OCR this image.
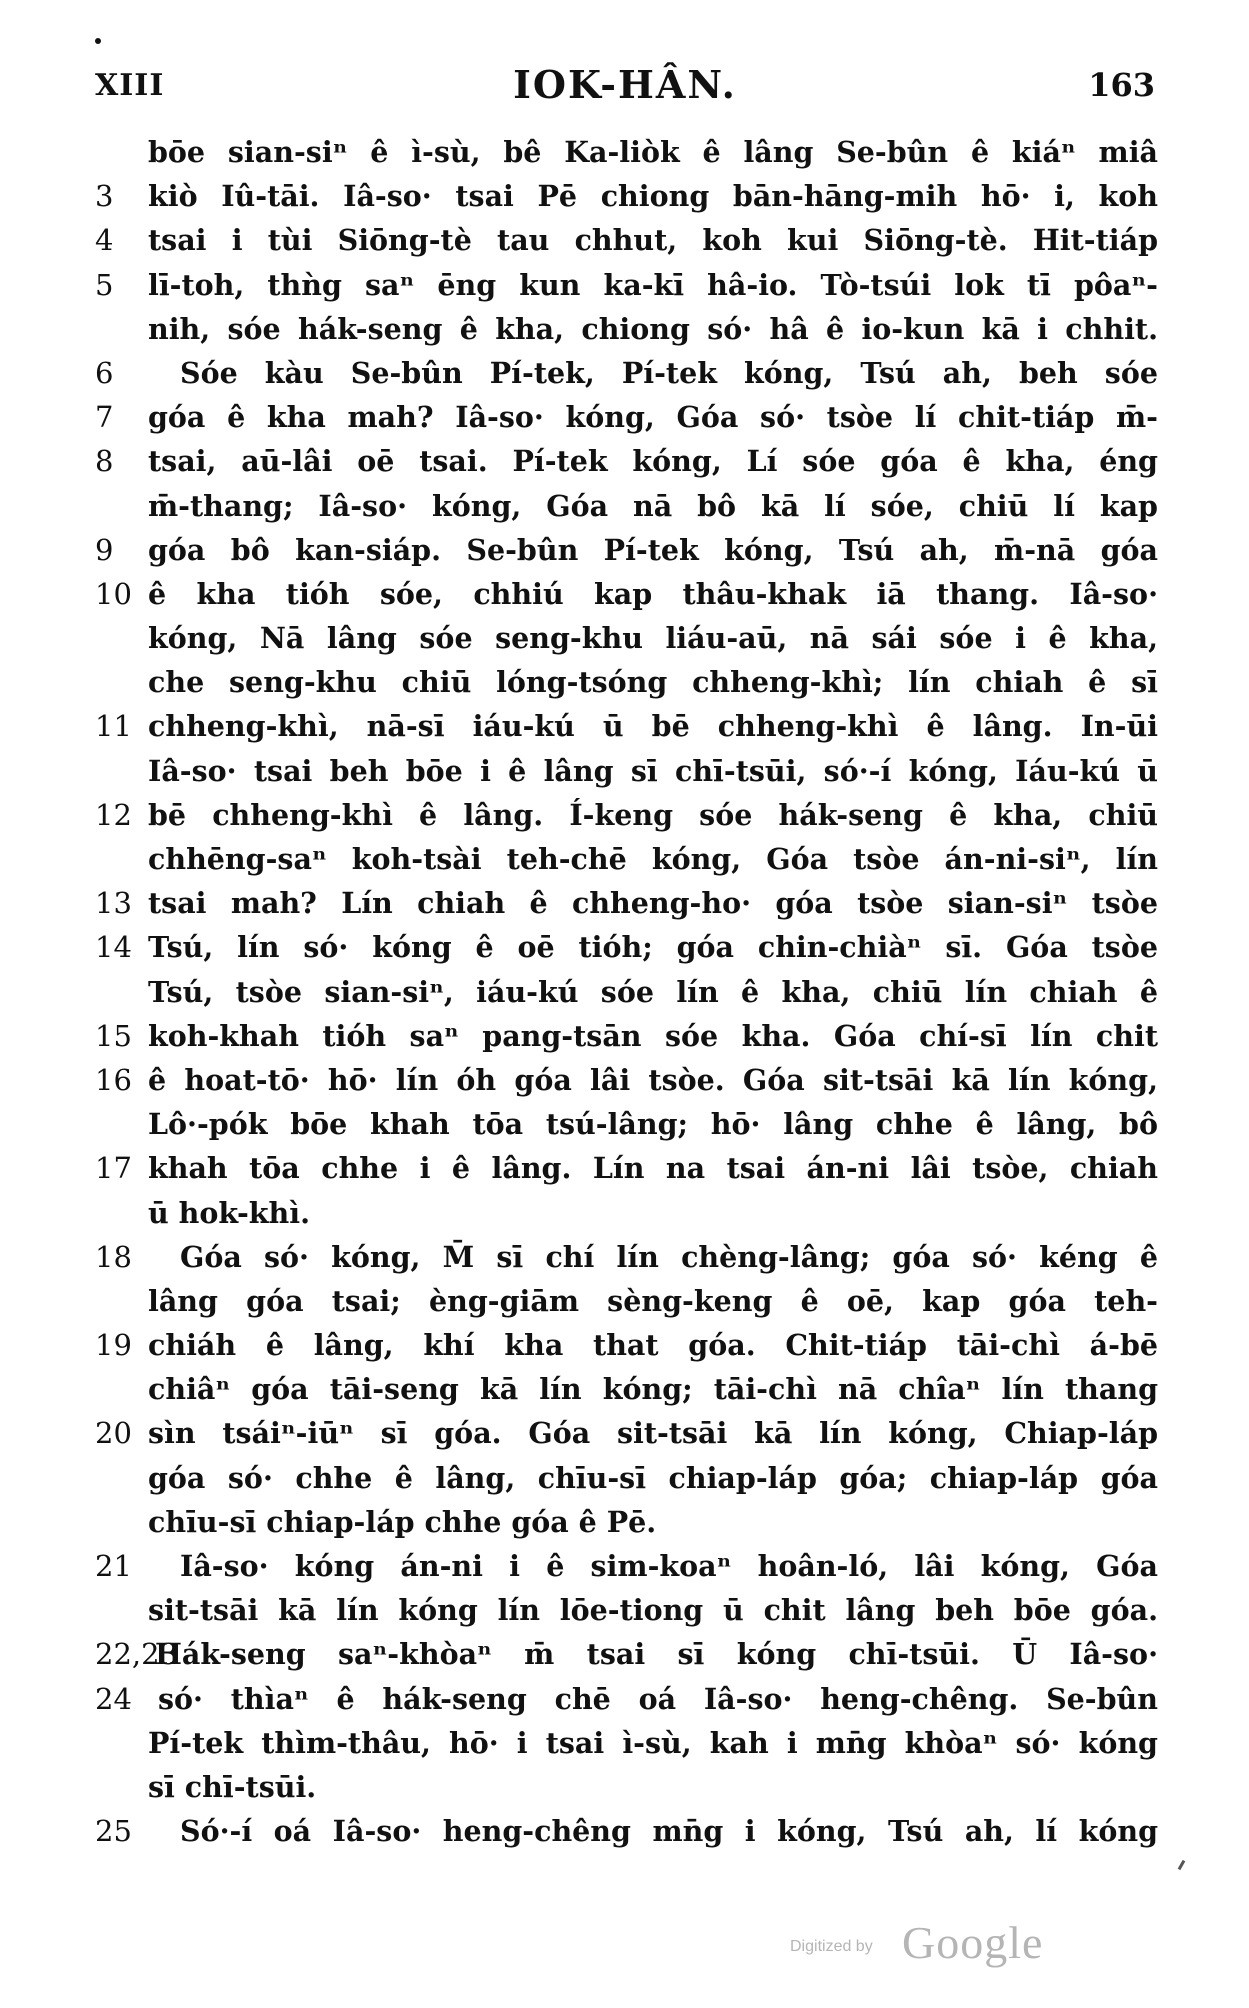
XIII	IOK-HÂN.	163
bōe sian-siⁿ ê ì-sù, bê Ka-liòk ê lâng Se-bûn ê kiáⁿ miâ
3	kiò Iû-tāi. Iâ-so· tsai Pē chiong bān-hāng-mih hō· i, koh
4	tsai i tùi Siōng-tè tau chhut, koh kui Siōng-tè. Hit-tiáp
5	lī-toh, thǹg saⁿ ēng kun ka-kī hâ-io. Tò-tsúi lok tī pôaⁿ-
nih, sóe hák-seng ê kha, chiong só· hâ ê io-kun kā i chhit.
6	Sóe kàu Se-bûn Pí-tek, Pí-tek kóng, Tsú ah, beh sóe
7	góa ê kha mah? Iâ-so· kóng, Góa só· tsòe lí chit-tiáp m̄-
8	tsai, aū-lâi oē tsai. Pí-tek kóng, Lí sóe góa ê kha, éng
m̄-thang; Iâ-so· kóng, Góa nā bô kā lí sóe, chiū lí kap
9	góa bô kan-siáp. Se-bûn Pí-tek kóng, Tsú ah, m̄-nā góa
10 ê kha tióh sóe, chhiú kap thâu-khak iā thang. Iâ-so·
kóng, Nā lâng sóe seng-khu liáu-aū, nā sái sóe i ê kha,
che seng-khu chiū lóng-tsóng chheng-khì; lín chiah ê sī
11 chheng-khì, nā-sī iáu-kú ū bē chheng-khì ê lâng. In-ūi
Iâ-so· tsai beh bōe i ê lâng sī chī-tsūi, só·-í kóng, Iáu-kú ū
12 bē chheng-khì ê lâng. Í-keng sóe hák-seng ê kha, chiū
chhēng-saⁿ koh-tsài teh-chē kóng, Góa tsòe án-ni-siⁿ, lín
13 tsai mah? Lín chiah ê chheng-ho· góa tsòe sian-siⁿ tsòe
14 Tsú, lín só· kóng ê oē tióh; góa chin-chiàⁿ sī. Góa tsòe
Tsú, tsòe sian-siⁿ, iáu-kú sóe lín ê kha, chiū lín chiah ê
15 koh-khah tióh saⁿ pang-tsān sóe kha. Góa chí-sī lín chit
16 ê hoat-tō· hō· lín óh góa lâi tsòe. Góa sit-tsāi kā lín kóng,
Lô·-pók bōe khah tōa tsú-lâng; hō· lâng chhe ê lâng, bô
17 khah tōa chhe i ê lâng. Lín na tsai án-ni lâi tsòe, chiah
ū hok-khì.
18	Góa só· kóng, M̄ sī chí lín chèng-lâng; góa só· kéng ê
lâng góa tsai; èng-giām sèng-keng ê oē, kap góa teh-
19 chiáh ê lâng, khí kha that góa. Chit-tiáp tāi-chì á-bē
chiâⁿ góa tāi-seng kā lín kóng; tāi-chì nā chîaⁿ lín thang
20 sìn tsáiⁿ-iūⁿ sī góa. Góa sit-tsāi kā lín kóng, Chiap-láp
góa só· chhe ê lâng, chīu-sī chiap-láp góa; chiap-láp góa
chīu-sī chiap-láp chhe góa ê Pē.
21	Iâ-so· kóng án-ni i ê sim-koaⁿ hoân-ló, lâi kóng, Góa
sit-tsāi kā lín kóng lín lōe-tiong ū chit lâng beh bōe góa.
22,23
Hák-seng saⁿ-khòaⁿ m̄ tsai sī kóng chī-tsūi. Ū Iâ-so·
24 só· thìaⁿ ê hák-seng chē oá Iâ-so· heng-chêng. Se-bûn
Pí-tek thìm-thâu, hō· i tsai ì-sù, kah i mn̄g khòaⁿ só· kóng
sī chī-tsūi.
25	Só·-í oá Iâ-so· heng-chêng mn̄g i kóng, Tsú ah, lí kóng
Digitized by Google
